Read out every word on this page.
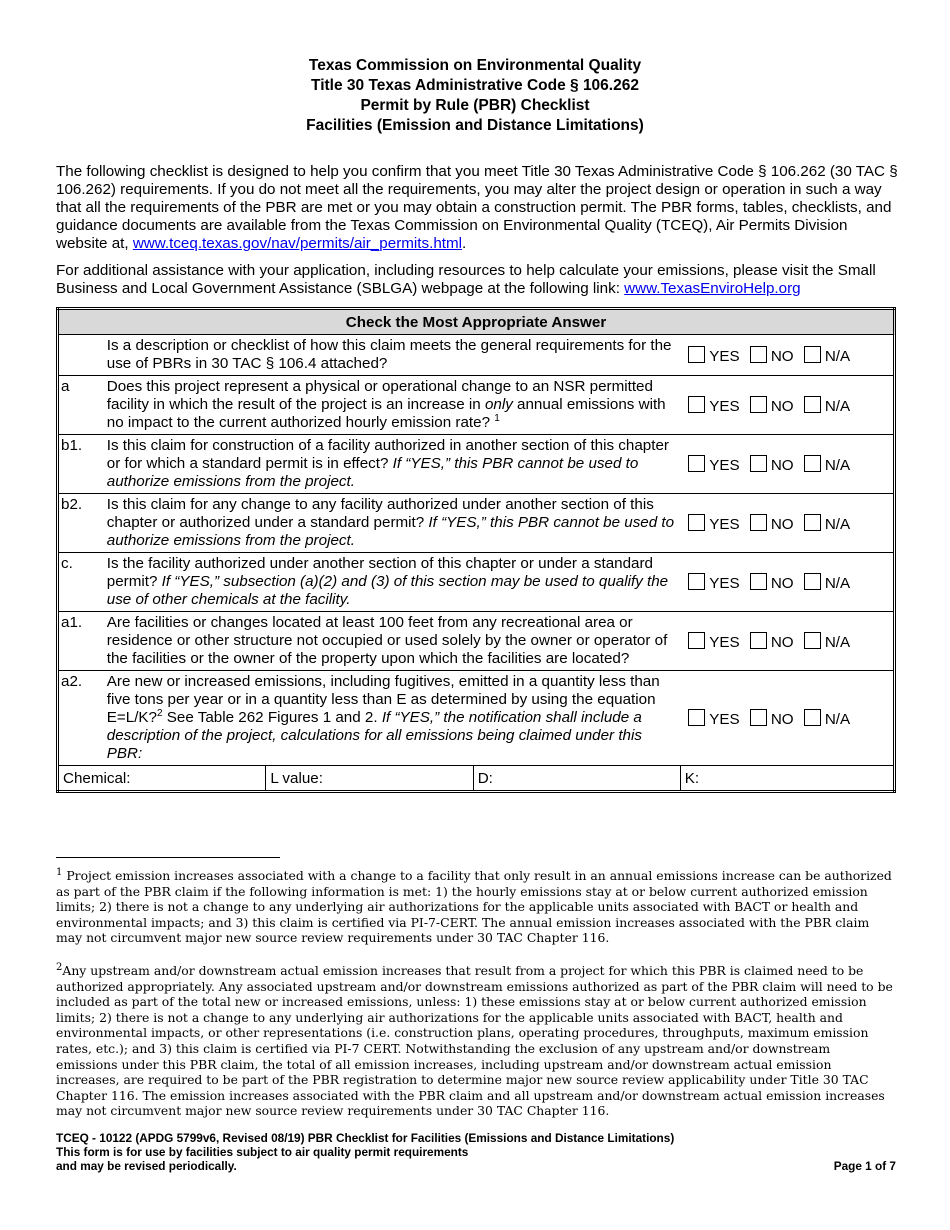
Texas Commission on Environmental Quality
Title 30 Texas Administrative Code § 106.262
Permit by Rule (PBR) Checklist
Facilities (Emission and Distance Limitations)

The following checklist is designed to help you confirm that you meet Title 30 Texas Administrative Code § 106.262 (30 TAC § 106.262) requirements. If you do not meet all the requirements, you may alter the project design or operation in such a way that all the requirements of the PBR are met or you may obtain a construction permit. The PBR forms, tables, checklists, and guidance documents are available from the Texas Commission on Environmental Quality (TCEQ), Air Permits Division website at, www.tceq.texas.gov/nav/permits/air_permits.html.

For additional assistance with your application, including resources to help calculate your emissions, please visit the Small Business and Local Government Assistance (SBLGA) webpage at the following link: www.TexasEnviroHelp.org

Check the Most Appropriate Answer				
	Is a description or checklist of how this claim meets the general requirements for the use of PBRs in 30 TAC § 106.4 attached?			YES NO N/A
a	Does this project represent a physical or operational change to an NSR permitted facility in which the result of the project is an increase in only annual emissions with no impact to the current authorized hourly emission rate? $^1$			YES NO N/A
b1.	Is this claim for construction of a facility authorized in another section of this chapter or for which a standard permit is in effect? If “YES,” this PBR cannot be used to authorize emissions from the project.			YES NO N/A
b2.	Is this claim for any change to any facility authorized under another section of this chapter or authorized under a standard permit? If “YES,” this PBR cannot be used to authorize emissions from the project.			YES NO N/A
c.	Is the facility authorized under another section of this chapter or under a standard permit? If “YES,” subsection (a)(2) and (3) of this section may be used to qualify the use of other chemicals at the facility.			YES NO N/A
a1.	Are facilities or changes located at least 100 feet from any recreational area or residence or other structure not occupied or used solely by the owner or operator of the facilities or the owner of the property upon which the facilities are located?			YES NO N/A
a2.	Are new or increased emissions, including fugitives, emitted in a quantity less than five tons per year or in a quantity less than E as determined by using the equation E=L/K?$^2$ See Table 262 Figures 1 and 2. If “YES,” the notification shall include a description of the project, calculations for all emissions being claimed under this PBR:			YES NO N/A
Chemical:		L value:	D:	K:

$^1$ Project emission increases associated with a change to a facility that only result in an annual emissions increase can be authorized as part of the PBR claim if the following information is met: 1) the hourly emissions stay at or below current authorized emission limits; 2) there is not a change to any underlying air authorizations for the applicable units associated with BACT or health and environmental impacts; and 3) this claim is certified via PI-7-CERT. The annual emission increases associated with the PBR claim may not circumvent major new source review requirements under 30 TAC Chapter 116.

$^2$Any upstream and/or downstream actual emission increases that result from a project for which this PBR is claimed need to be authorized appropriately. Any associated upstream and/or downstream emissions authorized as part of the PBR claim will need to be included as part of the total new or increased emissions, unless: 1) these emissions stay at or below current authorized emission limits; 2) there is not a change to any underlying air authorizations for the applicable units associated with BACT, health and environmental impacts, or other representations (i.e. construction plans, operating procedures, throughputs, maximum emission rates, etc.); and 3) this claim is certified via PI-7 CERT. Notwithstanding the exclusion of any upstream and/or downstream emissions under this PBR claim, the total of all emission increases, including upstream and/or downstream actual emission increases, are required to be part of the PBR registration to determine major new source review applicability under Title 30 TAC Chapter 116. The emission increases associated with the PBR claim and all upstream and/or downstream actual emission increases may not circumvent major new source review requirements under 30 TAC Chapter 116.

TCEQ - 10122 (APDG 5799v6, Revised 08/19) PBR Checklist for Facilities (Emissions and Distance Limitations)
This form is for use by facilities subject to air quality permit requirements
and may be revised periodically.	Page 1 of 7
